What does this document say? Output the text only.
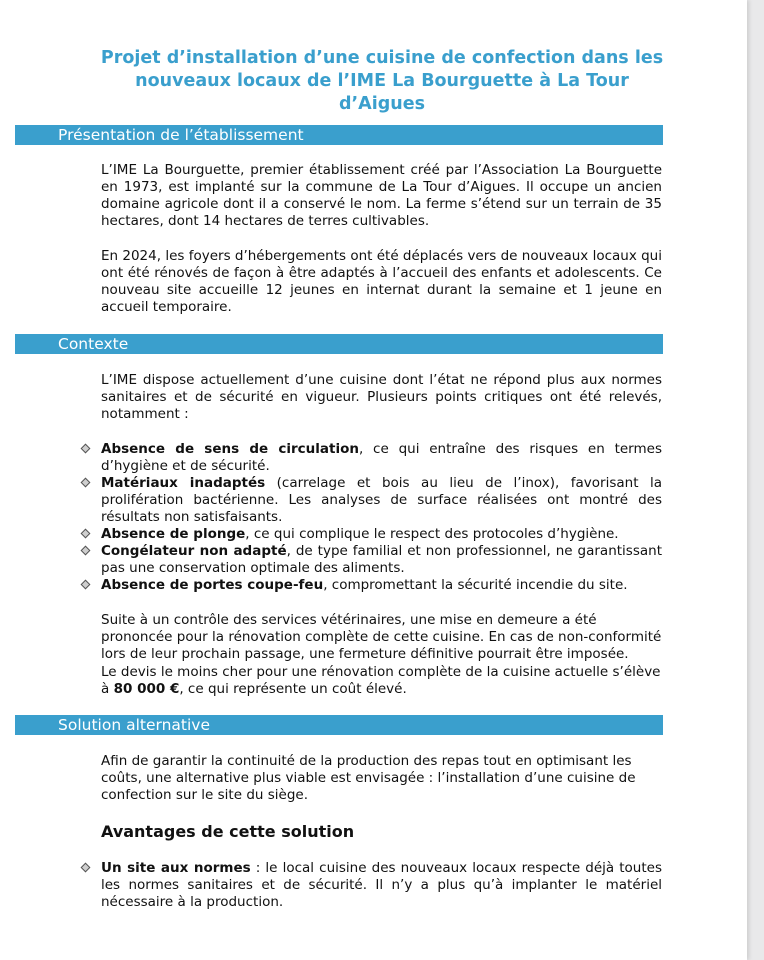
Projet d’installation d’une cuisine de confection dans les
nouveaux locaux de l’IME La Bourguette à La Tour d’Aigues
Présentation de l’établissement
L’IME La Bourguette, premier établissement créé par l’Association La Bourguette en 1973, est implanté sur la commune de La Tour d’Aigues. Il occupe un ancien domaine agricole dont il a conservé le nom. La ferme s’étend sur un terrain de 35 hectares, dont 14 hectares de terres cultivables.
En 2024, les foyers d’hébergements ont été déplacés vers de nouveaux locaux qui ont été rénovés de façon à être adaptés à l’accueil des enfants et adolescents. Ce nouveau site accueille 12 jeunes en internat durant la semaine et 1 jeune en accueil temporaire.
Contexte
L’IME dispose actuellement d’une cuisine dont l’état ne répond plus aux normes sanitaires et de sécurité en vigueur. Plusieurs points critiques ont été relevés, notamment :
Absence de sens de circulation, ce qui entraîne des risques en termes d’hygiène et de sécurité.
Matériaux inadaptés (carrelage et bois au lieu de l’inox), favorisant la prolifération bactérienne. Les analyses de surface réalisées ont montré des résultats non satisfaisants.
Absence de plonge, ce qui complique le respect des protocoles d’hygiène.
Congélateur non adapté, de type familial et non professionnel, ne garantissant pas une conservation optimale des aliments.
Absence de portes coupe-feu, compromettant la sécurité incendie du site.
Suite à un contrôle des services vétérinaires, une mise en demeure a été prononcée pour la rénovation complète de cette cuisine. En cas de non-conformité lors de leur prochain passage, une fermeture définitive pourrait être imposée.
Le devis le moins cher pour une rénovation complète de la cuisine actuelle s’élève à 80 000 €, ce qui représente un coût élevé.
Solution alternative
Afin de garantir la continuité de la production des repas tout en optimisant les coûts, une alternative plus viable est envisagée : l’installation d’une cuisine de confection sur le site du siège.
Avantages de cette solution
Un site aux normes : le local cuisine des nouveaux locaux respecte déjà toutes les normes sanitaires et de sécurité. Il n’y a plus qu’à implanter le matériel nécessaire à la production.
